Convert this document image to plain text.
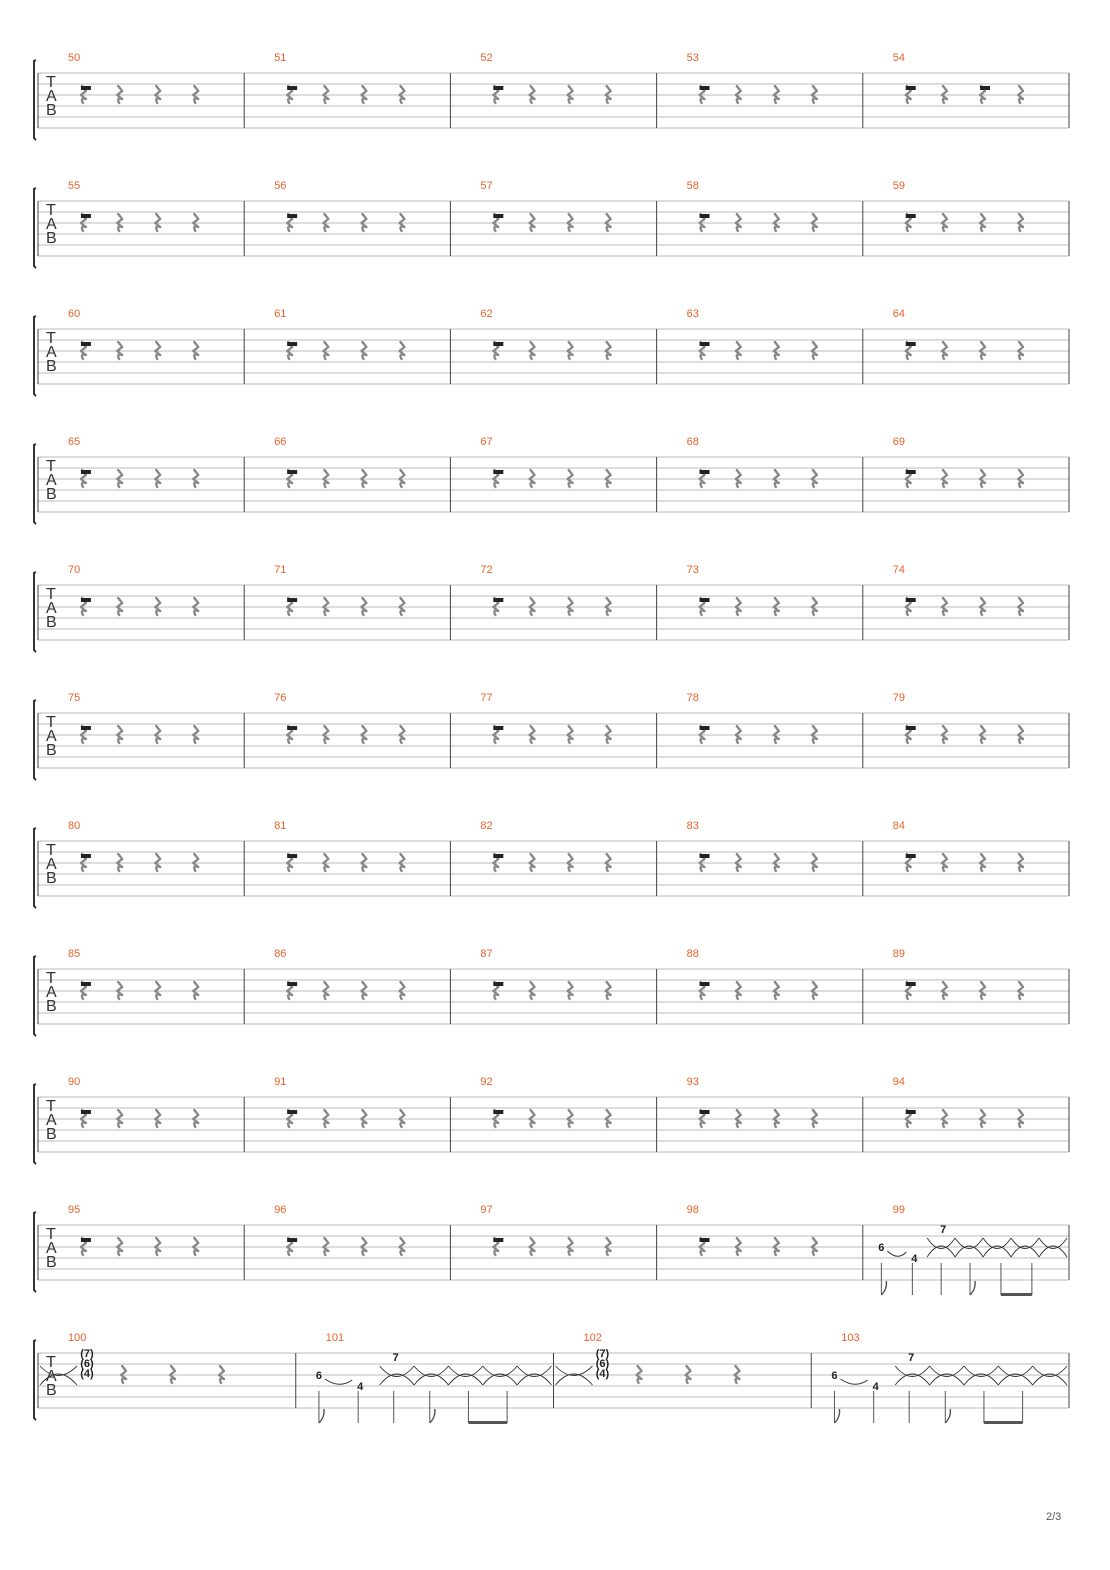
T
A
B
50	51	52	53	54
T
A
B
55	56	57	58	59
T
A
B
60	61	62	63	64
T
A
B
65	66	67	68	69
T
A
B
70	71	72	73	74
T
A
B
75	76	77	78	79
T
A
B
80	81	82	83	84
T
A
B
85	86	87	88	89
T
A
B
90	91	92	93	94
T
A
B
95	96	97	98	99
6
4
7
T
A
B
100
(7)
(6)
(4)
101
6
4
7
102
(7)
(6)
(4)
103
6
4
7
2/3
